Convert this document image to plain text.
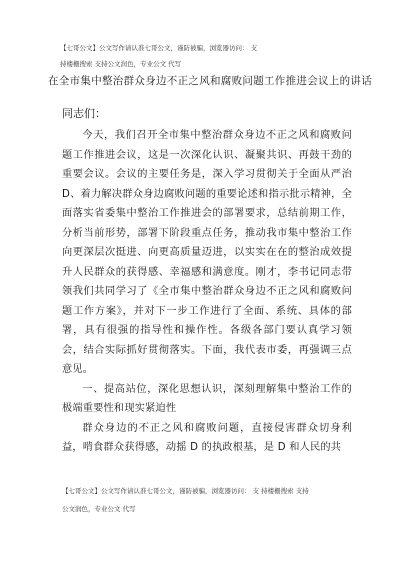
【七哥公文】公文写作请认准七哥公文，谨防被骗，浏览器访问： 支
持楼栅搜索 支持公文润色，专业公文 代写
在全市集中整治群众身边不正之风和腐败问题工作推进会议上的讲话
同志们：

今天，我们召开全市集中整治群众身边不正之风和腐败问题工作推进会议，这是一次深化认识、凝聚共识、再鼓干劲的重要会议。会议的主要任务是，深入学习贯彻关于全面从严治 D、着力解决群众身边腐败问题的重要论述和指示批示精神，全面落实省委集中整治工作推进会的部署要求，总结前期工作，分析当前形势，部署下阶段重点任务，推动我市集中整治工作向更深层次挺进、向更高质量迈进，以实实在在的整治成效提升人民群众的获得感、幸福感和满意度。刚才，李书记同志带领我们共同学习了《全市集中整治群众身边不正之风和腐败问题工作方案》，并对下一步工作进行了全面、系统、具体的部署，具有很强的指导性和操作性。各级各部门要认真学习领会，结合实际抓好贯彻落实。下面，我代表市委，再强调三点意见。

一、提高站位，深化思想认识，深刻理解集中整治工作的极端重要性和现实紧迫性

群众身边的不正之风和腐败问题，直接侵害群众切身利益，啃食群众获得感，动摇 D 的执政根基，是 D 和人民的共

【七哥公文】公文写作请认准七哥公文，谨防被骗，浏览器访问： 支 持楼栅搜索 支持
公文润色，专业公文 代写
